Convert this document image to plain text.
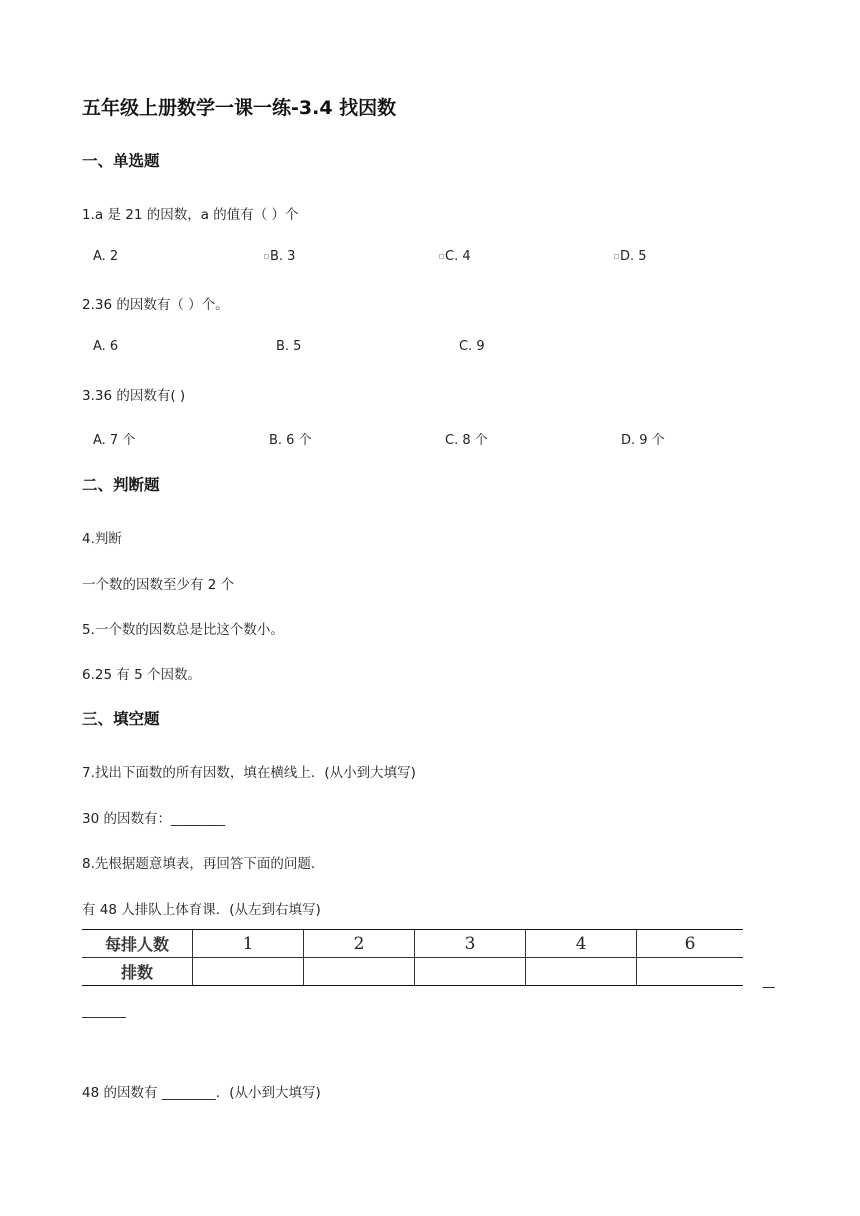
五年级上册数学一课一练-3.4 找因数
一、单选题
1.a 是 21 的因数，a 的值有（ ）个
A. 2	B. 3	C. 4	D. 5
2.36 的因数有（ ）个。
A. 6	B. 5	C. 9
3.36 的因数有( )
A. 7 个	B. 6 个	C. 8 个	D. 9 个
二、判断题
4.判断
一个数的因数至少有 2 个
5.一个数的因数总是比这个数小。
6.25 有 5 个因数。
三、填空题
7.找出下面数的所有因数，填在横线上．(从小到大填写)
30 的因数有：________
8.先根据题意填表，再回答下面的问题．
有 48 人排队上体育课．(从左到右填写)
每排人数	1	2	3	4	6
排数					
—
48 的因数有 ________．(从小到大填写)
